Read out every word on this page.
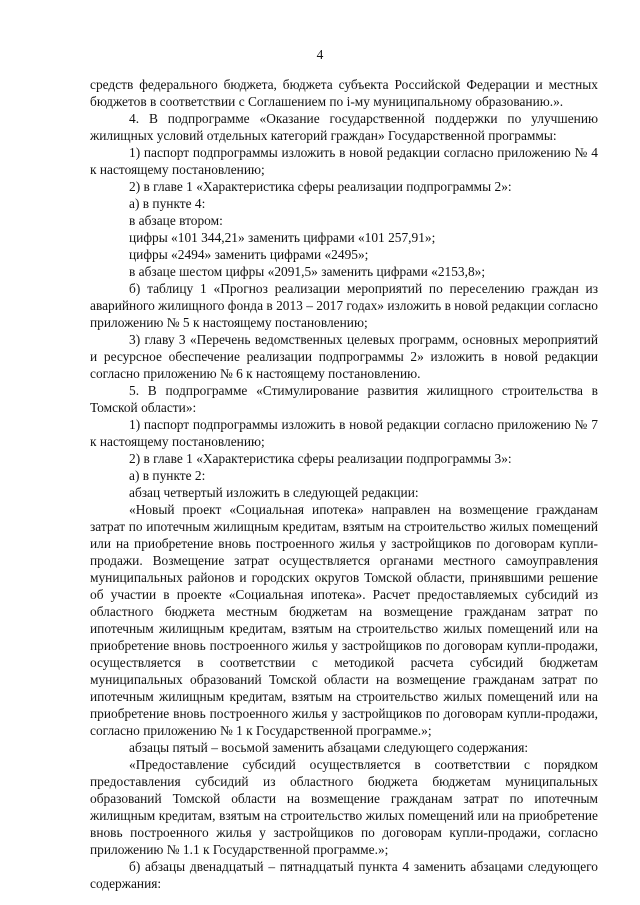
4

средств федерального бюджета, бюджета субъекта Российской Федерации и местных бюджетов в соответствии с Соглашением по i-му муниципальному образованию.».

4. В подпрограмме «Оказание государственной поддержки по улучшению жилищных условий отдельных категорий граждан» Государственной программы:

1) паспорт подпрограммы изложить в новой редакции согласно приложению № 4 к настоящему постановлению;

2) в главе 1 «Характеристика сферы реализации подпрограммы 2»:

а) в пункте 4:

в абзаце втором:

цифры «101 344,21» заменить цифрами «101 257,91»;

цифры «2494» заменить цифрами «2495»;

в абзаце шестом цифры «2091,5» заменить цифрами «2153,8»;

б) таблицу 1 «Прогноз реализации мероприятий по переселению граждан из аварийного жилищного фонда в 2013 – 2017 годах» изложить в новой редакции согласно приложению № 5 к настоящему постановлению;

3) главу 3 «Перечень ведомственных целевых программ, основных мероприятий и ресурсное обеспечение реализации подпрограммы 2» изложить в новой редакции согласно приложению № 6 к настоящему постановлению.

5. В подпрограмме «Стимулирование развития жилищного строительства в Томской области»:

1) паспорт подпрограммы изложить в новой редакции согласно приложению № 7 к настоящему постановлению;

2) в главе 1 «Характеристика сферы реализации подпрограммы 3»:

а) в пункте 2:

абзац четвертый изложить в следующей редакции:

«Новый проект «Социальная ипотека» направлен на возмещение гражданам затрат по ипотечным жилищным кредитам, взятым на строительство жилых помещений или на приобретение вновь построенного жилья у застройщиков по договорам купли-продажи. Возмещение затрат осуществляется органами местного самоуправления муниципальных районов и городских округов Томской области, принявшими решение об участии в проекте «Социальная ипотека». Расчет предоставляемых субсидий из областного бюджета местным бюджетам на возмещение гражданам затрат по ипотечным жилищным кредитам, взятым на строительство жилых помещений или на приобретение вновь построенного жилья у застройщиков по договорам купли-продажи, осуществляется в соответствии с методикой расчета субсидий бюджетам муниципальных образований Томской области на возмещение гражданам затрат по ипотечным жилищным кредитам, взятым на строительство жилых помещений или на приобретение вновь построенного жилья у застройщиков по договорам купли-продажи, согласно приложению № 1 к Государственной программе.»;

абзацы пятый – восьмой заменить абзацами следующего содержания:

«Предоставление субсидий осуществляется в соответствии с порядком предоставления субсидий из областного бюджета бюджетам муниципальных образований Томской области на возмещение гражданам затрат по ипотечным жилищным кредитам, взятым на строительство жилых помещений или на приобретение вновь построенного жилья у застройщиков по договорам купли-продажи, согласно приложению № 1.1 к Государственной программе.»;

б) абзацы двенадцатый – пятнадцатый пункта 4 заменить абзацами следующего содержания:
